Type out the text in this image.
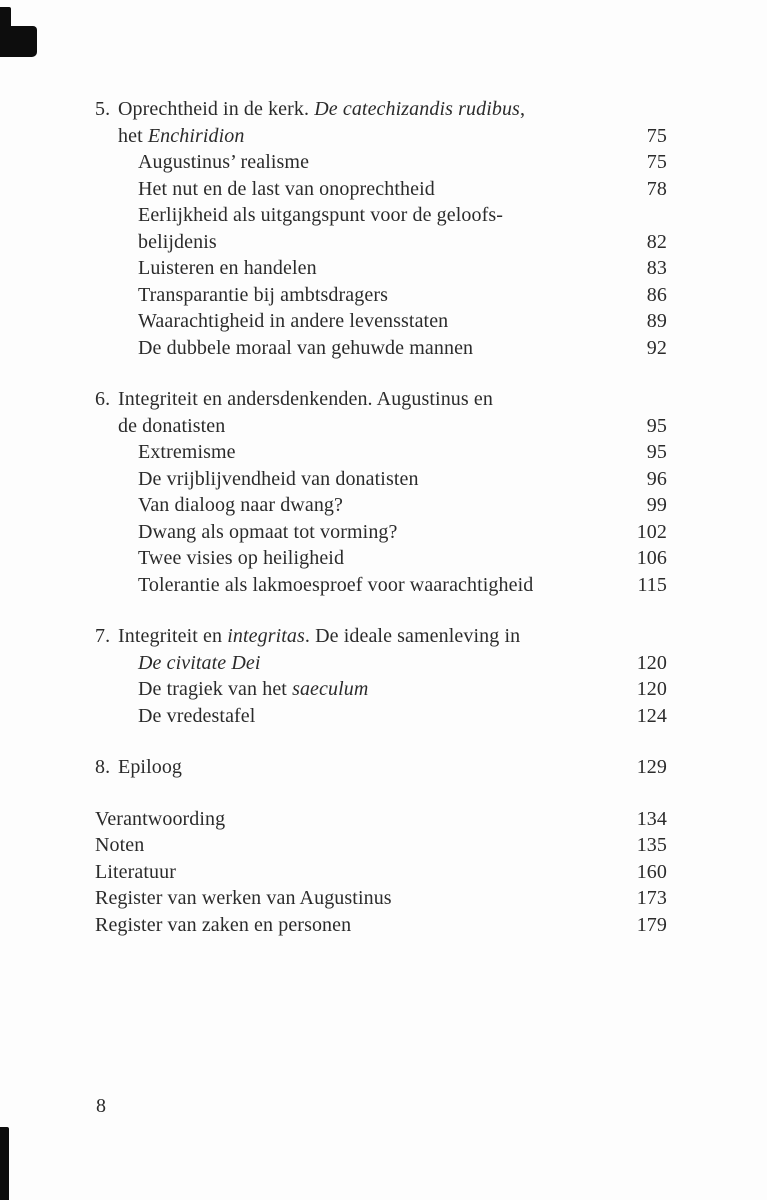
5. Oprechtheid in de kerk. De catechizandis rudibus,
het Enchiridion	75
Augustinus’ realisme	75
Het nut en de last van onoprechtheid	78
Eerlijkheid als uitgangspunt voor de geloofs-
belijdenis	82
Luisteren en handelen	83
Transparantie bij ambtsdragers	86
Waarachtigheid in andere levensstaten	89
De dubbele moraal van gehuwde mannen	92
6. Integriteit en andersdenkenden. Augustinus en
de donatisten	95
Extremisme	95
De vrijblijvendheid van donatisten	96
Van dialoog naar dwang?	99
Dwang als opmaat tot vorming?	102
Twee visies op heiligheid	106
Tolerantie als lakmoesproef voor waarachtigheid	115
7. Integriteit en integritas. De ideale samenleving in
De civitate Dei	120
De tragiek van het saeculum	120
De vredestafel	124
8. Epiloog	129
Verantwoording	134
Noten	135
Literatuur	160
Register van werken van Augustinus	173
Register van zaken en personen	179
8
